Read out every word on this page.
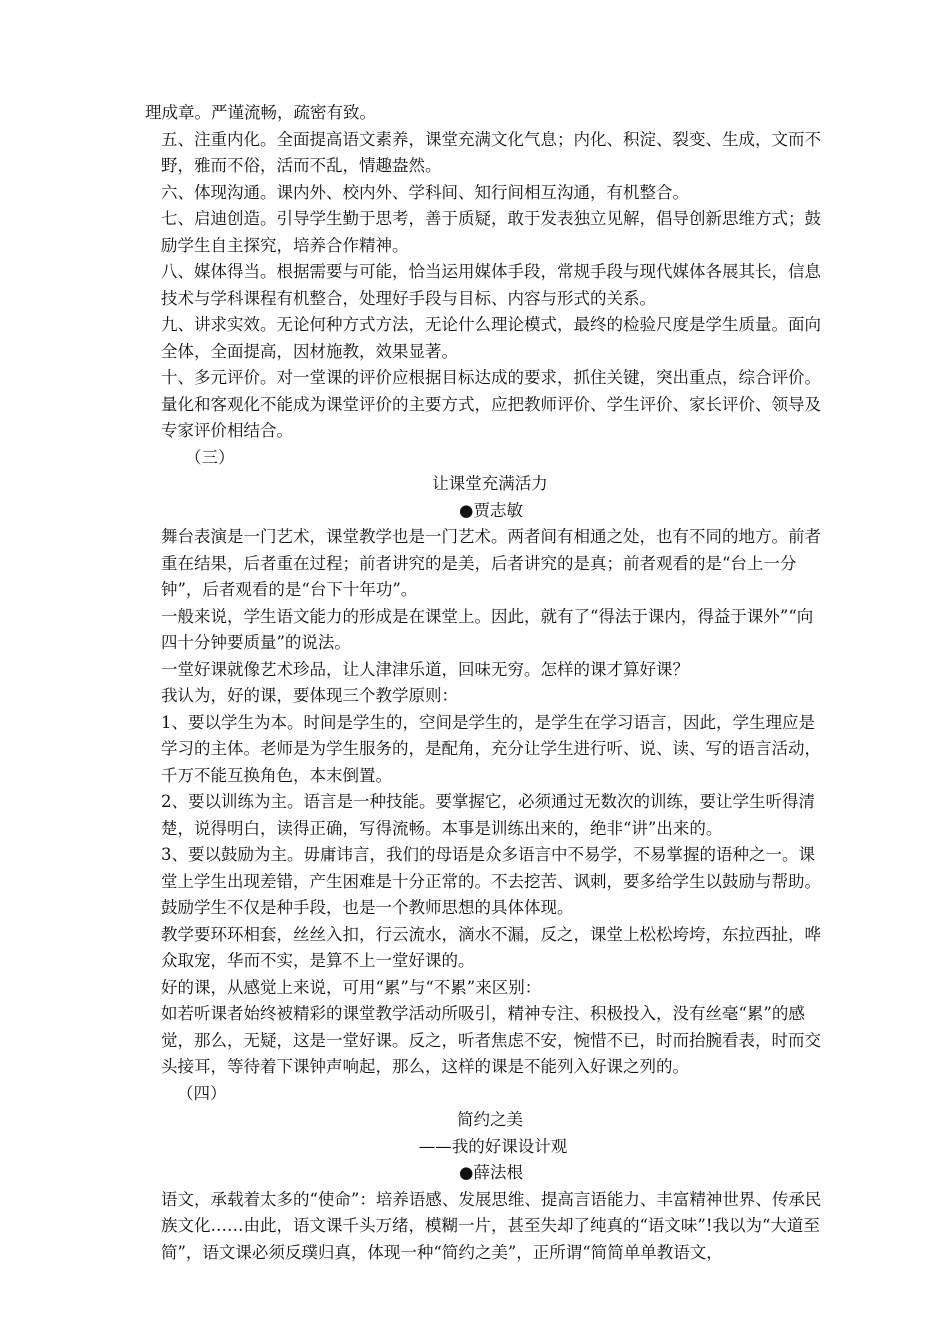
理成章。严谨流畅，疏密有致。

五、注重内化。全面提高语文素养，课堂充满文化气息；内化、积淀、裂变、生成，文而不野，雅而不俗，活而不乱，情趣盎然。

六、体现沟通。课内外、校内外、学科间、知行间相互沟通，有机整合。

七、启迪创造。引导学生勤于思考，善于质疑，敢于发表独立见解，倡导创新思维方式；鼓励学生自主探究，培养合作精神。

八、媒体得当。根据需要与可能，恰当运用媒体手段，常规手段与现代媒体各展其长，信息技术与学科课程有机整合，处理好手段与目标、内容与形式的关系。

九、讲求实效。无论何种方式方法，无论什么理论模式，最终的检验尺度是学生质量。面向全体，全面提高，因材施教，效果显著。

十、多元评价。对一堂课的评价应根据目标达成的要求，抓住关键，突出重点，综合评价。量化和客观化不能成为课堂评价的主要方式，应把教师评价、学生评价、家长评价、领导及专家评价相结合。

（三）

让课堂充满活力

●贾志敏

舞台表演是一门艺术，课堂教学也是一门艺术。两者间有相通之处，也有不同的地方。前者重在结果，后者重在过程；前者讲究的是美，后者讲究的是真；前者观看的是“台上一分钟”，后者观看的是“台下十年功”。

一般来说，学生语文能力的形成是在课堂上。因此，就有了“得法于课内，得益于课外”“向四十分钟要质量”的说法。

一堂好课就像艺术珍品，让人津津乐道，回味无穷。怎样的课才算好课？

我认为，好的课，要体现三个教学原则：

1、要以学生为本。时间是学生的，空间是学生的，是学生在学习语言，因此，学生理应是学习的主体。老师是为学生服务的，是配角，充分让学生进行听、说、读、写的语言活动，千万不能互换角色，本末倒置。

2、要以训练为主。语言是一种技能。要掌握它，必须通过无数次的训练，要让学生听得清楚，说得明白，读得正确，写得流畅。本事是训练出来的，绝非“讲”出来的。

3、要以鼓励为主。毋庸讳言，我们的母语是众多语言中不易学，不易掌握的语种之一。课堂上学生出现差错，产生困难是十分正常的。不去挖苦、讽刺，要多给学生以鼓励与帮助。鼓励学生不仅是种手段，也是一个教师思想的具体体现。

教学要环环相套，丝丝入扣，行云流水，滴水不漏，反之，课堂上松松垮垮，东拉西扯，哗众取宠，华而不实，是算不上一堂好课的。

好的课，从感觉上来说，可用“累”与“不累”来区别：

如若听课者始终被精彩的课堂教学活动所吸引，精神专注、积极投入，没有丝毫“累”的感觉，那么，无疑，这是一堂好课。反之，听者焦虑不安，惋惜不已，时而抬腕看表，时而交头接耳，等待着下课钟声响起，那么，这样的课是不能列入好课之列的。

（四）

简约之美

——我的好课设计观

●薛法根

语文，承载着太多的“使命”：培养语感、发展思维、提高言语能力、丰富精神世界、传承民族文化……由此，语文课千头万绪，模糊一片，甚至失却了纯真的“语文味”!我以为“大道至简”，语文课必须反璞归真，体现一种“简约之美”，正所谓“简简单单教语文，
